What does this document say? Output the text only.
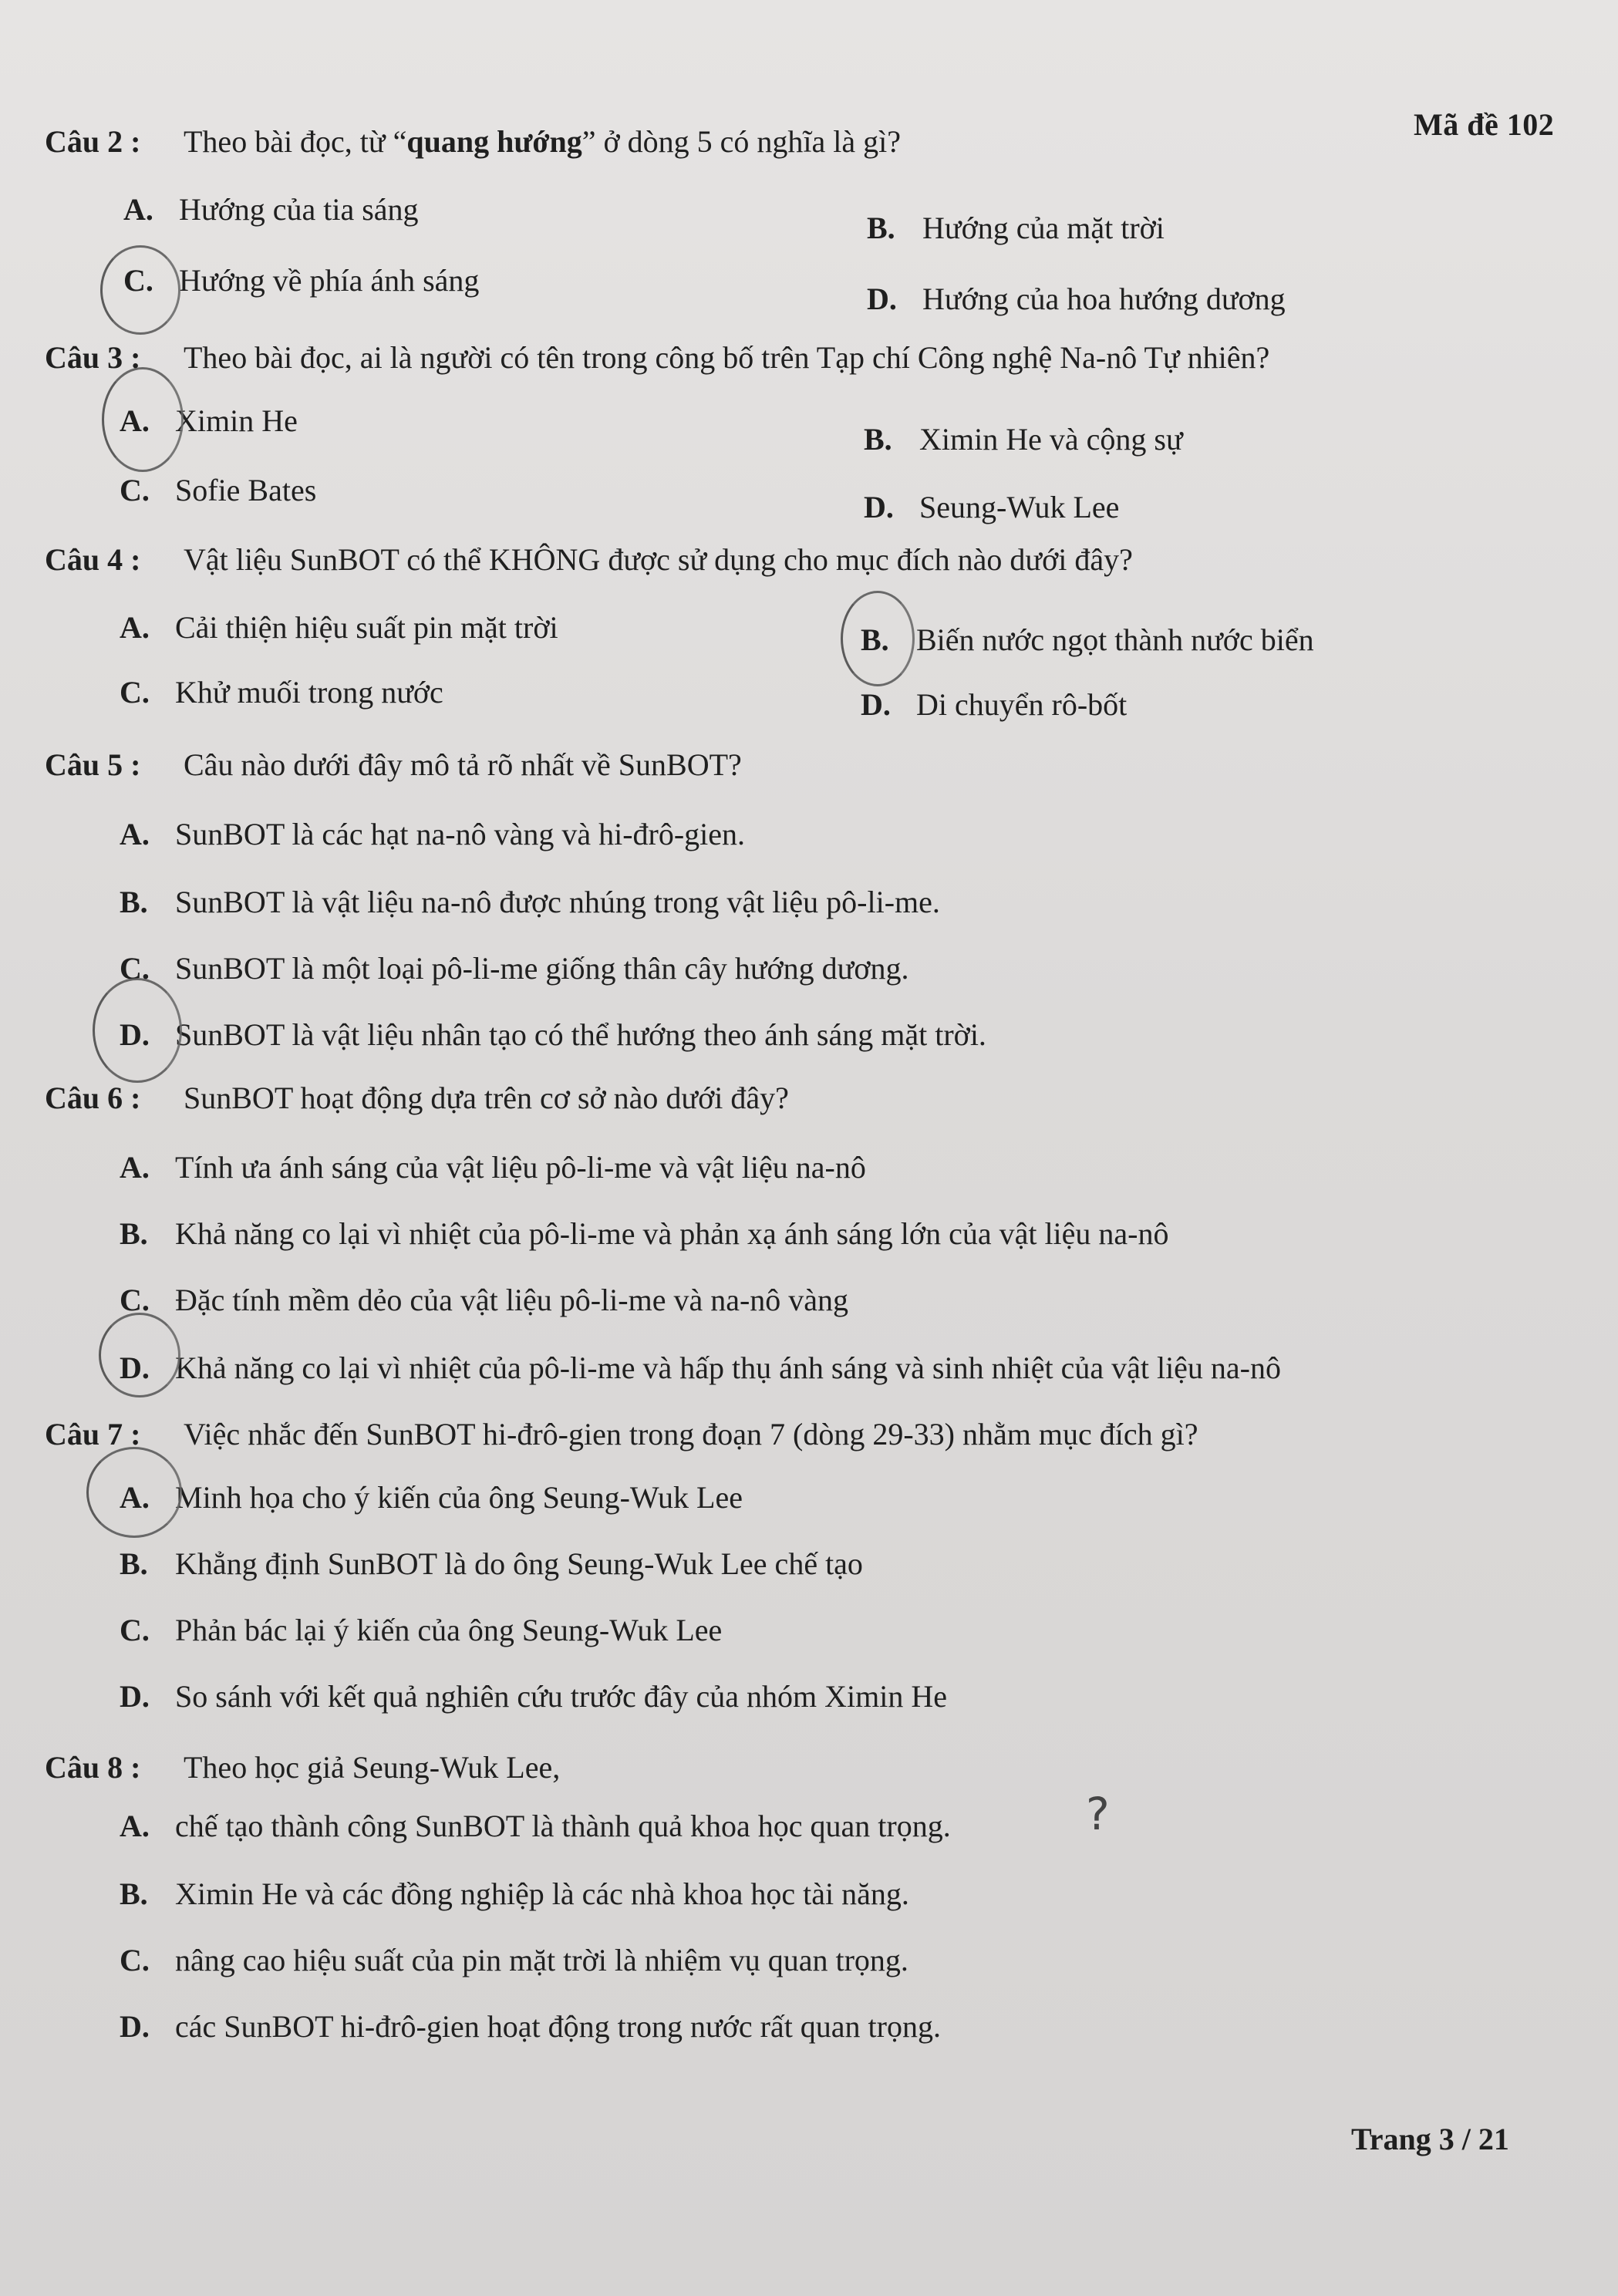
Mã đề 102
Câu 2 : Theo bài đọc, từ “quang hướng” ở dòng 5 có nghĩa là gì?
A. Hướng của tia sáng
B. Hướng của mặt trời
C. Hướng về phía ánh sáng
D. Hướng của hoa hướng dương
Câu 3 : Theo bài đọc, ai là người có tên trong công bố trên Tạp chí Công nghệ Na-nô Tự nhiên?
A. Ximin He
B. Ximin He và cộng sự
C. Sofie Bates	D. Seung-Wuk Lee
Câu 4 : Vật liệu SunBOT có thể KHÔNG được sử dụng cho mục đích nào dưới đây?
A. Cải thiện hiệu suất pin mặt trời	B. Biến nước ngọt thành nước biển
C. Khử muối trong nước	D. Di chuyển rô-bốt
Câu 5 : Câu nào dưới đây mô tả rõ nhất về SunBOT?
A. SunBOT là các hạt na-nô vàng và hi-đrô-gien.
B. SunBOT là vật liệu na-nô được nhúng trong vật liệu pô-li-me.
C. SunBOT là một loại pô-li-me giống thân cây hướng dương.
D. SunBOT là vật liệu nhân tạo có thể hướng theo ánh sáng mặt trời.
Câu 6 : SunBOT hoạt động dựa trên cơ sở nào dưới đây?
A. Tính ưa ánh sáng của vật liệu pô-li-me và vật liệu na-nô
B. Khả năng co lại vì nhiệt của pô-li-me và phản xạ ánh sáng lớn của vật liệu na-nô
C. Đặc tính mềm dẻo của vật liệu pô-li-me và na-nô vàng
D. Khả năng co lại vì nhiệt của pô-li-me và hấp thụ ánh sáng và sinh nhiệt của vật liệu na-nô
Câu 7 : Việc nhắc đến SunBOT hi-đrô-gien trong đoạn 7 (dòng 29-33) nhằm mục đích gì?
A. Minh họa cho ý kiến của ông Seung-Wuk Lee
B. Khẳng định SunBOT là do ông Seung-Wuk Lee chế tạo
C. Phản bác lại ý kiến của ông Seung-Wuk Lee
D. So sánh với kết quả nghiên cứu trước đây của nhóm Ximin He
Câu 8 : Theo học giả Seung-Wuk Lee,
A. chế tạo thành công SunBOT là thành quả khoa học quan trọng.
B. Ximin He và các đồng nghiệp là các nhà khoa học tài năng.
C. nâng cao hiệu suất của pin mặt trời là nhiệm vụ quan trọng.
D. các SunBOT hi-đrô-gien hoạt động trong nước rất quan trọng.
?
Trang 3 / 21
